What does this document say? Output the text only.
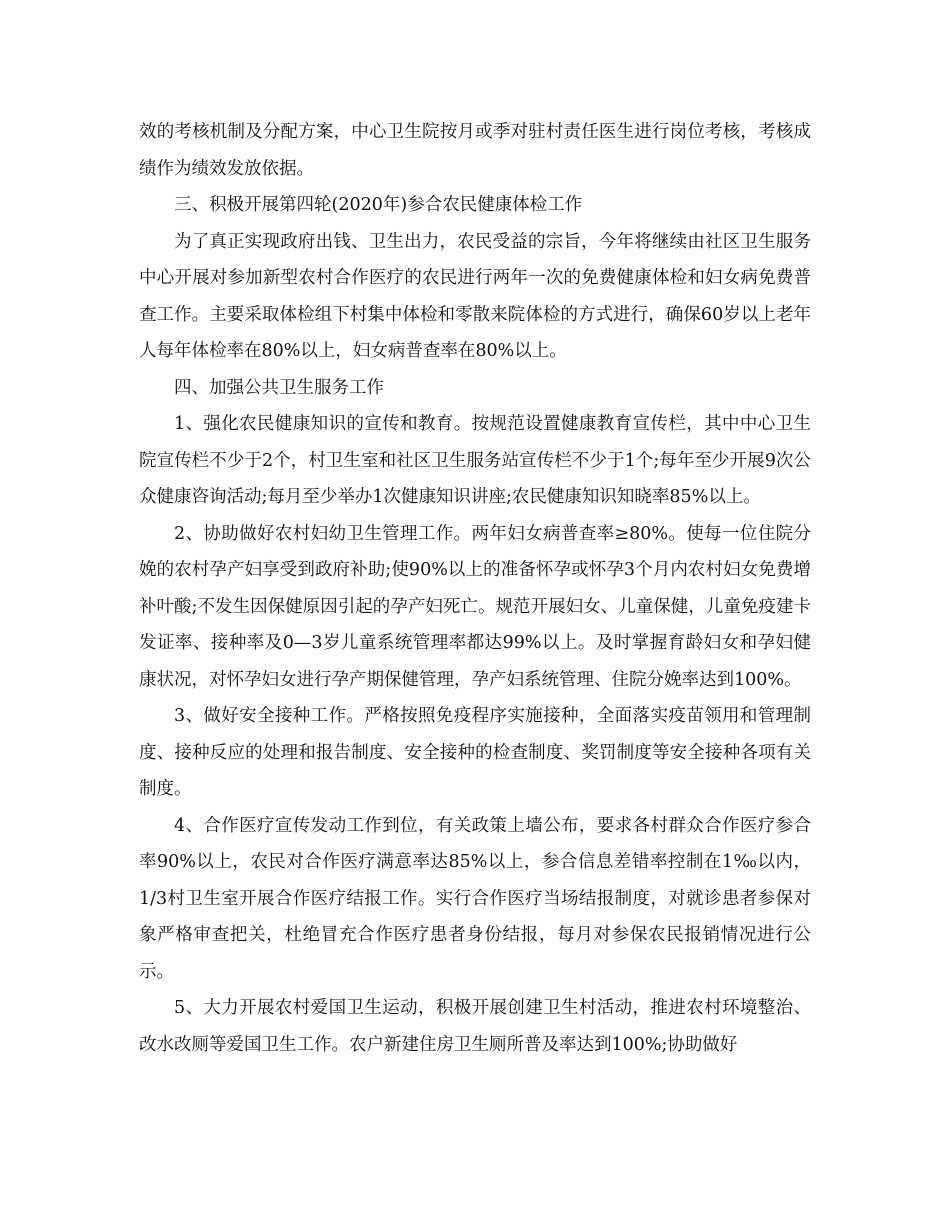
效的考核机制及分配方案，中心卫生院按月或季对驻村责任医生进行岗位考核，考核成绩作为绩效发放依据。

三、积极开展第四轮(2020年)参合农民健康体检工作

为了真正实现政府出钱、卫生出力，农民受益的宗旨，今年将继续由社区卫生服务中心开展对参加新型农村合作医疗的农民进行两年一次的免费健康体检和妇女病免费普查工作。主要采取体检组下村集中体检和零散来院体检的方式进行，确保60岁以上老年人每年体检率在80%以上，妇女病普查率在80%以上。

四、加强公共卫生服务工作

1、强化农民健康知识的宣传和教育。按规范设置健康教育宣传栏，其中中心卫生院宣传栏不少于2个，村卫生室和社区卫生服务站宣传栏不少于1个;每年至少开展9次公众健康咨询活动;每月至少举办1次健康知识讲座;农民健康知识知晓率85%以上。

2、协助做好农村妇幼卫生管理工作。两年妇女病普查率≥80%。使每一位住院分娩的农村孕产妇享受到政府补助;使90%以上的准备怀孕或怀孕3个月内农村妇女免费增补叶酸;不发生因保健原因引起的孕产妇死亡。规范开展妇女、儿童保健，儿童免疫建卡发证率、接种率及0—3岁儿童系统管理率都达99%以上。及时掌握育龄妇女和孕妇健康状况，对怀孕妇女进行孕产期保健管理，孕产妇系统管理、住院分娩率达到100%。

3、做好安全接种工作。严格按照免疫程序实施接种，全面落实疫苗领用和管理制度、接种反应的处理和报告制度、安全接种的检查制度、奖罚制度等安全接种各项有关制度。

4、合作医疗宣传发动工作到位，有关政策上墙公布，要求各村群众合作医疗参合率90%以上，农民对合作医疗满意率达85%以上，参合信息差错率控制在1‰以内，1/3村卫生室开展合作医疗结报工作。实行合作医疗当场结报制度，对就诊患者参保对象严格审查把关，杜绝冒充合作医疗患者身份结报，每月对参保农民报销情况进行公示。

5、大力开展农村爱国卫生运动，积极开展创建卫生村活动，推进农村环境整治、改水改厕等爱国卫生工作。农户新建住房卫生厕所普及率达到100%;协助做好
